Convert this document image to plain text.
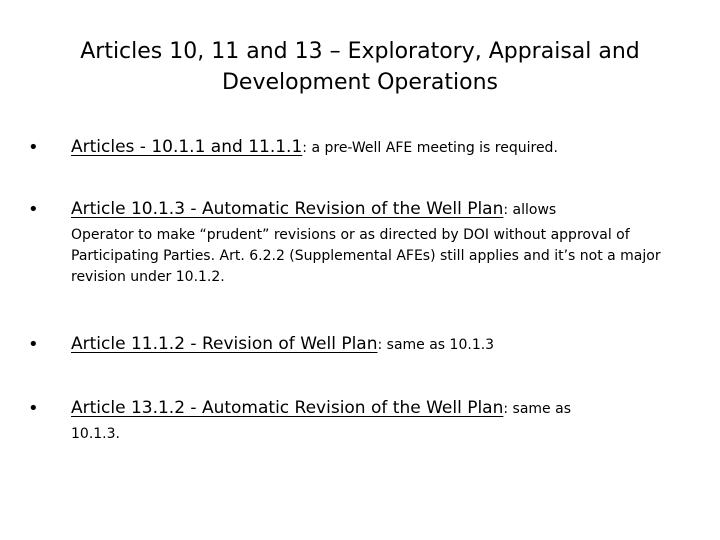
Articles 10, 11 and 13 – Exploratory, Appraisal and Development Operations
• Articles - 10.1.1 and 11.1.1: a pre-Well AFE meeting is required.
• Article 10.1.3 - Automatic Revision of the Well Plan: allows
Operator to make “prudent” revisions or as directed by DOI without approval of Participating Parties. Art. 6.2.2 (Supplemental AFEs) still applies and it’s not a major revision under 10.1.2.
• Article 11.1.2 - Revision of Well Plan: same as 10.1.3
• Article 13.1.2 - Automatic Revision of the Well Plan: same as
10.1.3.
